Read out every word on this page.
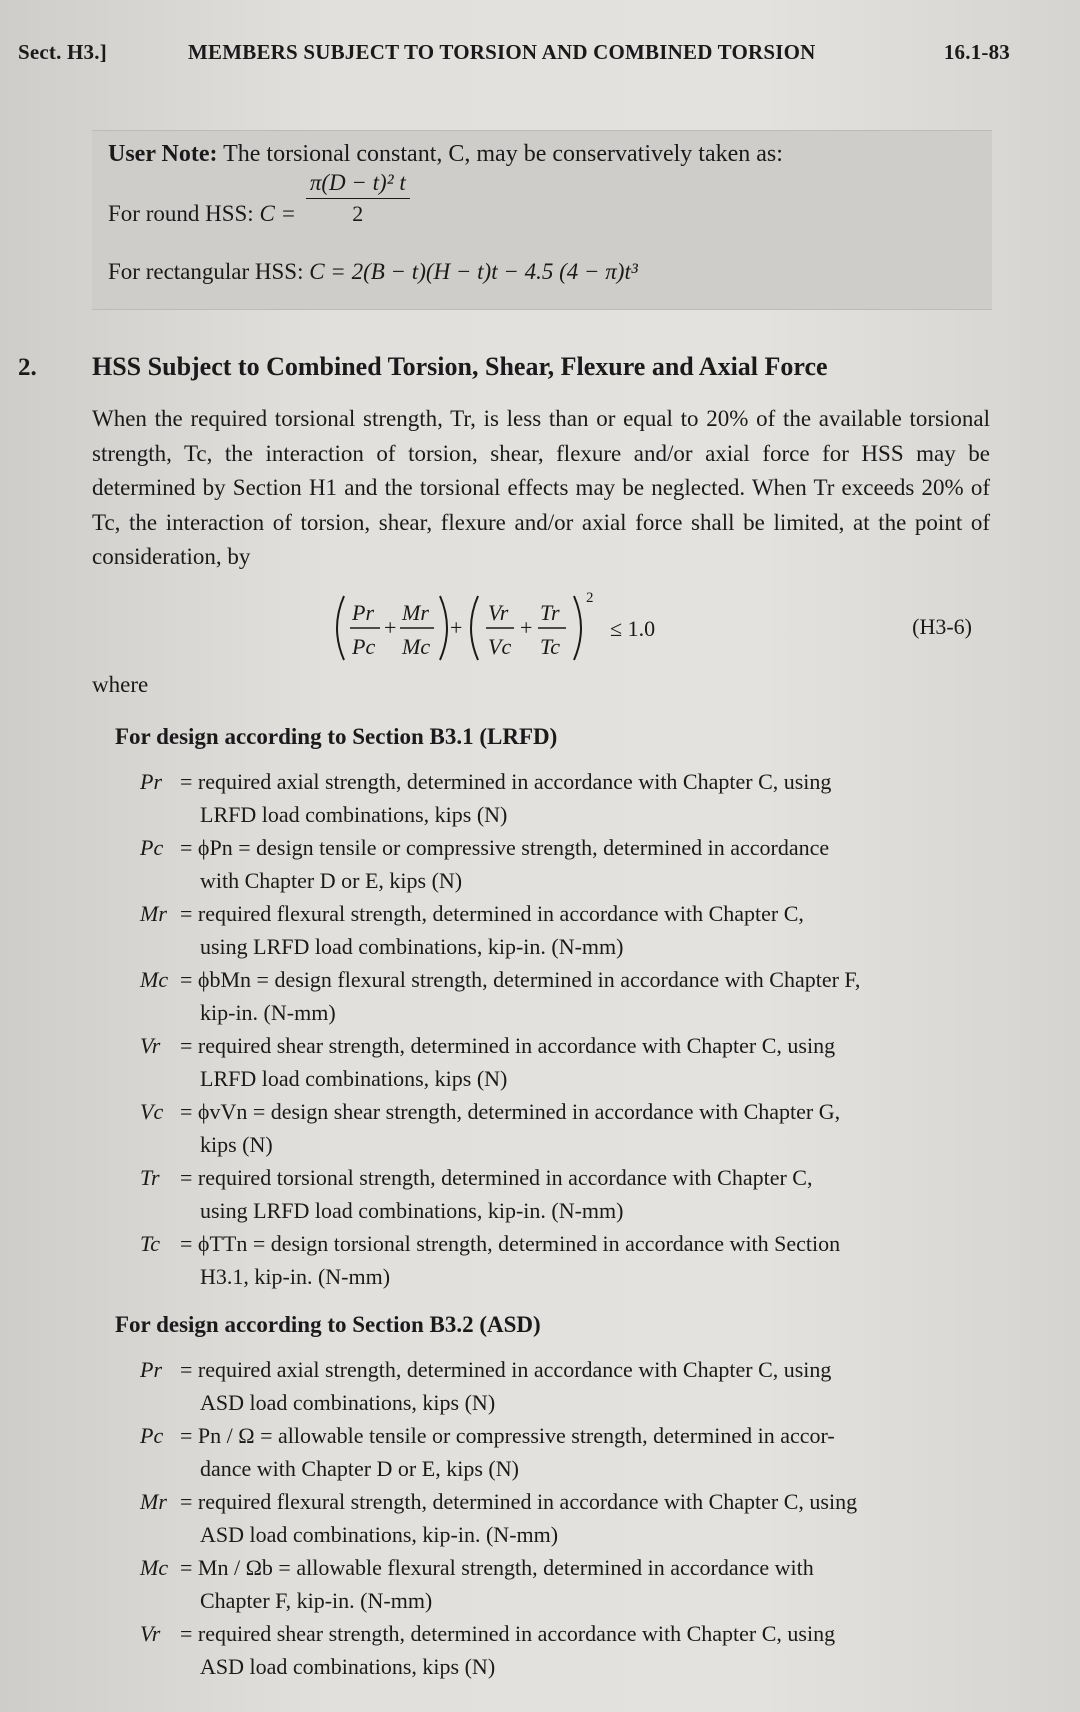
Sect. H3.]	MEMBERS SUBJECT TO TORSION AND COMBINED TORSION	16.1-83
User Note: The torsional constant, C, may be conservatively taken as:
For round HSS: $C = \frac{\text{π(D − t)² t}}{2}$
For rectangular HSS: C = 2(B − t)(H − t)t − 4.5 (4 − π)t³
2. HSS Subject to Combined Torsion, Shear, Flexure and Axial Force
When the required torsional strength, Tr, is less than or equal to 20% of the available torsional strength, Tc, the interaction of torsion, shear, flexure and/or axial force for HSS may be determined by Section H1 and the torsional effects may be neglected. When Tr exceeds 20% of Tc, the interaction of torsion, shear, flexure and/or axial force shall be limited, at the point of consideration, by
Pr
Pc
+
Mr
Mc
+
Vr
Vc
+
Tr
Tc
2
≤ 1.0	(H3-6)
where
For design according to Section B3.1 (LRFD)
Pr = required axial strength, determined in accordance with Chapter C, using
LRFD load combinations, kips (N)
Pc = ϕPn = design tensile or compressive strength, determined in accordance
with Chapter D or E, kips (N)
Mr = required flexural strength, determined in accordance with Chapter C,
using LRFD load combinations, kip-in. (N-mm)
Mc = ϕbMn = design flexural strength, determined in accordance with Chapter F,
kip-in. (N-mm)
Vr = required shear strength, determined in accordance with Chapter C, using
LRFD load combinations, kips (N)
Vc = ϕvVn = design shear strength, determined in accordance with Chapter G,
kips (N)
Tr = required torsional strength, determined in accordance with Chapter C,
using LRFD load combinations, kip-in. (N-mm)
Tc = ϕTTn = design torsional strength, determined in accordance with Section
H3.1, kip-in. (N-mm)
For design according to Section B3.2 (ASD)
Pr = required axial strength, determined in accordance with Chapter C, using
ASD load combinations, kips (N)
Pc = Pn / Ω = allowable tensile or compressive strength, determined in accor-
dance with Chapter D or E, kips (N)
Mr = required flexural strength, determined in accordance with Chapter C, using
ASD load combinations, kip-in. (N-mm)
Mc = Mn / Ωb = allowable flexural strength, determined in accordance with
Chapter F, kip-in. (N-mm)
Vr = required shear strength, determined in accordance with Chapter C, using
ASD load combinations, kips (N)
